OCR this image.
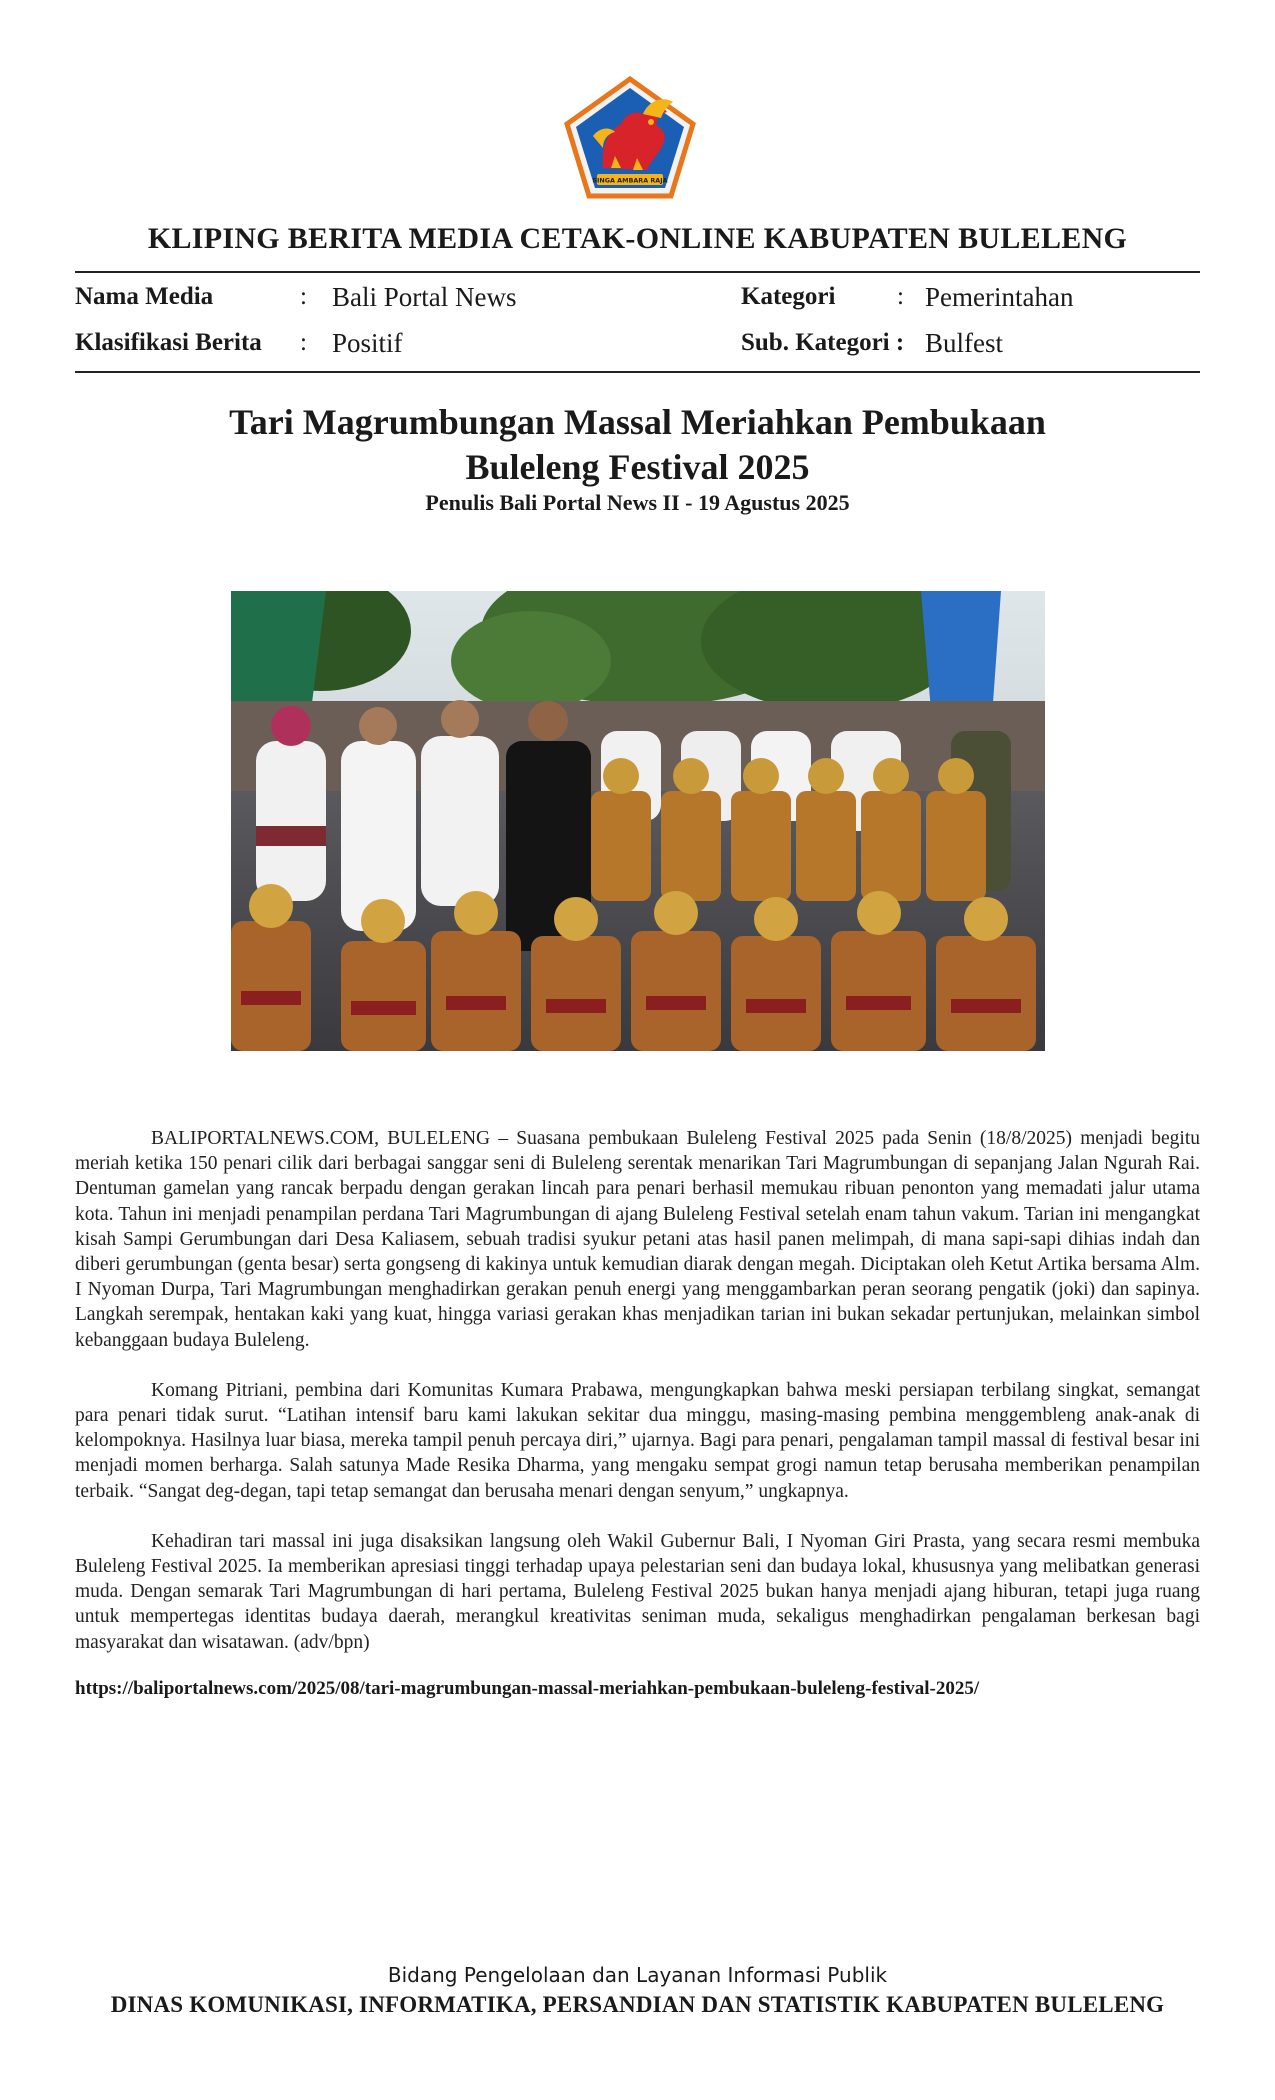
SINGA AMBARA RAJA
KLIPING BERITA MEDIA CETAK-ONLINE KABUPATEN BULELENG
Nama Media	: Bali Portal News
Klasifikasi Berita : Positif
Kategori : Pemerintahan
Sub. Kategori : Bulfest
Tari Magrumbungan Massal Meriahkan Pembukaan
Buleleng Festival 2025
Penulis Bali Portal News II - 19 Agustus 2025

BALIPORTALNEWS.COM, BULELENG – Suasana pembukaan Buleleng Festival 2025 pada Senin (18/8/2025) menjadi begitu meriah ketika 150 penari cilik dari berbagai sanggar seni di Buleleng serentak menarikan Tari Magrumbungan di sepanjang Jalan Ngurah Rai. Dentuman gamelan yang rancak berpadu dengan gerakan lincah para penari berhasil memukau ribuan penonton yang memadati jalur utama kota. Tahun ini menjadi penampilan perdana Tari Magrumbungan di ajang Buleleng Festival setelah enam tahun vakum. Tarian ini mengangkat kisah Sampi Gerumbungan dari Desa Kaliasem, sebuah tradisi syukur petani atas hasil panen melimpah, di mana sapi-sapi dihias indah dan diberi gerumbungan (genta besar) serta gongseng di kakinya untuk kemudian diarak dengan megah. Diciptakan oleh Ketut Artika bersama Alm. I Nyoman Durpa, Tari Magrumbungan menghadirkan gerakan penuh energi yang menggambarkan peran seorang pengatik (joki) dan sapinya. Langkah serempak, hentakan kaki yang kuat, hingga variasi gerakan khas menjadikan tarian ini bukan sekadar pertunjukan, melainkan simbol kebanggaan budaya Buleleng.

Komang Pitriani, pembina dari Komunitas Kumara Prabawa, mengungkapkan bahwa meski persiapan terbilang singkat, semangat para penari tidak surut. “Latihan intensif baru kami lakukan sekitar dua minggu, masing-masing pembina menggembleng anak-anak di kelompoknya. Hasilnya luar biasa, mereka tampil penuh percaya diri,” ujarnya. Bagi para penari, pengalaman tampil massal di festival besar ini menjadi momen berharga. Salah satunya Made Resika Dharma, yang mengaku sempat grogi namun tetap berusaha memberikan penampilan terbaik. “Sangat deg-degan, tapi tetap semangat dan berusaha menari dengan senyum,” ungkapnya.

Kehadiran tari massal ini juga disaksikan langsung oleh Wakil Gubernur Bali, I Nyoman Giri Prasta, yang secara resmi membuka Buleleng Festival 2025. Ia memberikan apresiasi tinggi terhadap upaya pelestarian seni dan budaya lokal, khususnya yang melibatkan generasi muda. Dengan semarak Tari Magrumbungan di hari pertama, Buleleng Festival 2025 bukan hanya menjadi ajang hiburan, tetapi juga ruang untuk mempertegas identitas budaya daerah, merangkul kreativitas seniman muda, sekaligus menghadirkan pengalaman berkesan bagi masyarakat dan wisatawan. (adv/bpn)

https://baliportalnews.com/2025/08/tari-magrumbungan-massal-meriahkan-pembukaan-buleleng-festival-2025/
Bidang Pengelolaan dan Layanan Informasi Publik
DINAS KOMUNIKASI, INFORMATIKA, PERSANDIAN DAN STATISTIK KABUPATEN BULELENG
